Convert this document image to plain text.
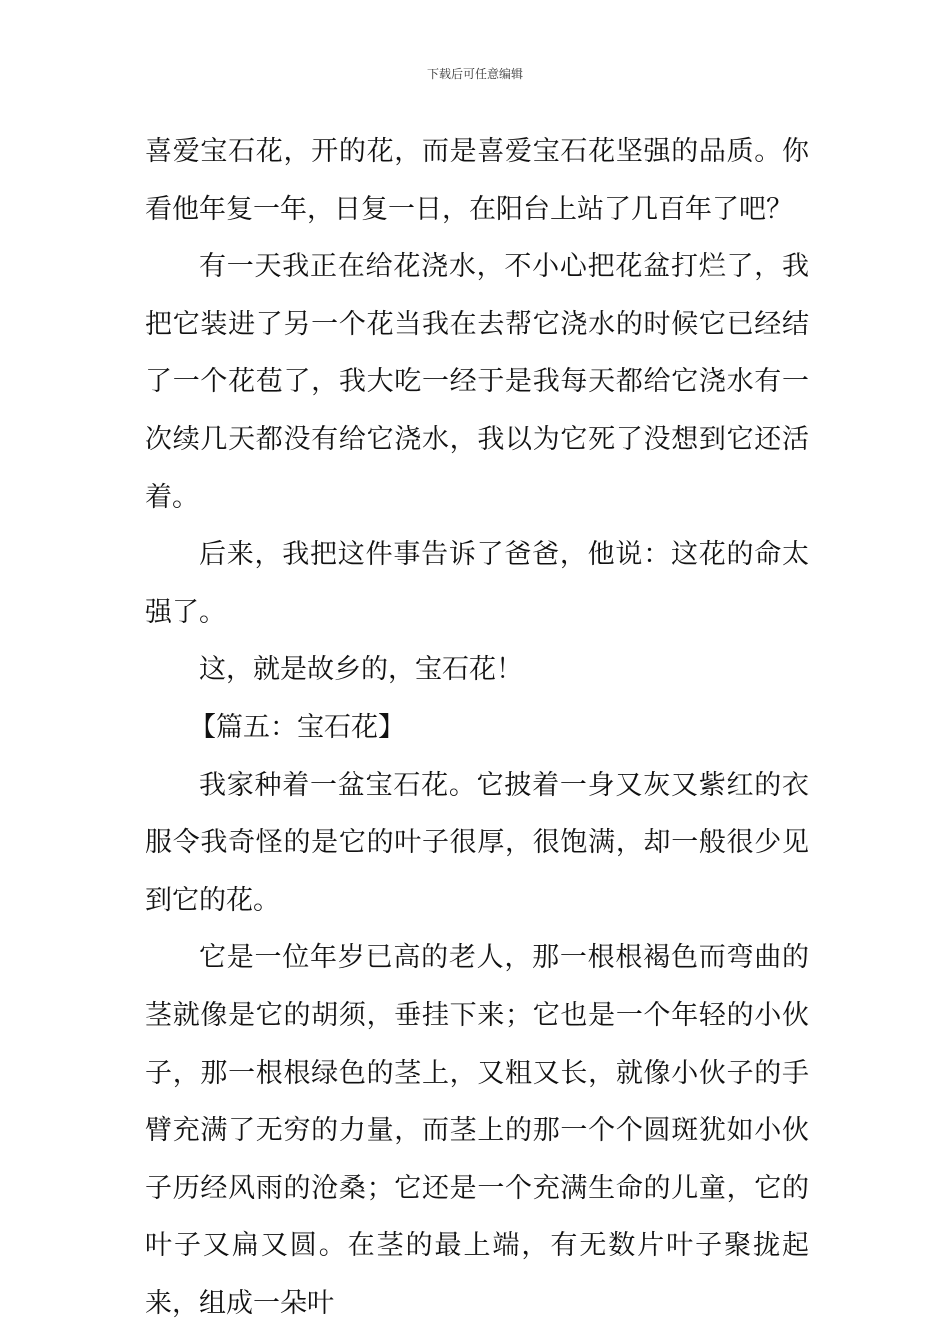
下载后可任意编辑

喜爱宝石花，开的花，而是喜爱宝石花坚强的品质。你看他年复一年，日复一日，在阳台上站了几百年了吧？

有一天我正在给花浇水，不小心把花盆打烂了，我把它装进了另一个花当我在去帮它浇水的时候它已经结了一个花苞了，我大吃一经于是我每天都给它浇水有一次续几天都没有给它浇水，我以为它死了没想到它还活着。

后来，我把这件事告诉了爸爸，他说：这花的命太强了。

这，就是故乡的，宝石花！

【篇五：宝石花】

我家种着一盆宝石花。它披着一身又灰又紫红的衣服令我奇怪的是它的叶子很厚，很饱满，却一般很少见到它的花。

它是一位年岁已高的老人，那一根根褐色而弯曲的茎就像是它的胡须，垂挂下来；它也是一个年轻的小伙子，那一根根绿色的茎上，又粗又长，就像小伙子的手臂充满了无穷的力量，而茎上的那一个个圆斑犹如小伙子历经风雨的沧桑；它还是一个充满生命的儿童，它的叶子又扁又圆。在茎的最上端，有无数片叶子聚拢起来，组成一朵叶
